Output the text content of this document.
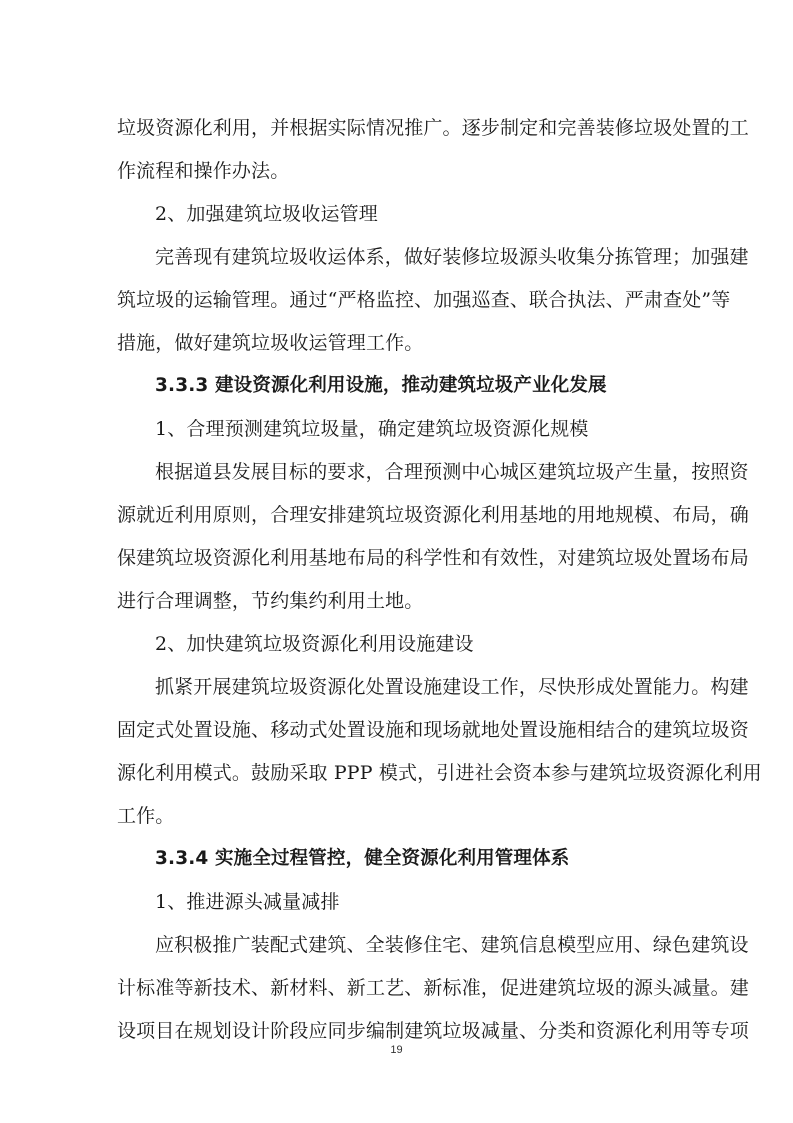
垃圾资源化利用，并根据实际情况推广。逐步制定和完善装修垃圾处置的工
作流程和操作办法。
2、加强建筑垃圾收运管理
完善现有建筑垃圾收运体系，做好装修垃圾源头收集分拣管理；加强建
筑垃圾的运输管理。通过“严格监控、加强巡查、联合执法、严肃查处”等
措施，做好建筑垃圾收运管理工作。
3.3.3 建设资源化利用设施，推动建筑垃圾产业化发展
1、合理预测建筑垃圾量，确定建筑垃圾资源化规模
根据道县发展目标的要求，合理预测中心城区建筑垃圾产生量，按照资
源就近利用原则，合理安排建筑垃圾资源化利用基地的用地规模、布局，确
保建筑垃圾资源化利用基地布局的科学性和有效性，对建筑垃圾处置场布局
进行合理调整，节约集约利用土地。
2、加快建筑垃圾资源化利用设施建设
抓紧开展建筑垃圾资源化处置设施建设工作，尽快形成处置能力。构建
固定式处置设施、移动式处置设施和现场就地处置设施相结合的建筑垃圾资
源化利用模式。鼓励采取 PPP 模式，引进社会资本参与建筑垃圾资源化利用
工作。
3.3.4 实施全过程管控，健全资源化利用管理体系
1、推进源头减量减排
应积极推广装配式建筑、全装修住宅、建筑信息模型应用、绿色建筑设
计标准等新技术、新材料、新工艺、新标准，促进建筑垃圾的源头减量。建
设项目在规划设计阶段应同步编制建筑垃圾减量、分类和资源化利用等专项
19
